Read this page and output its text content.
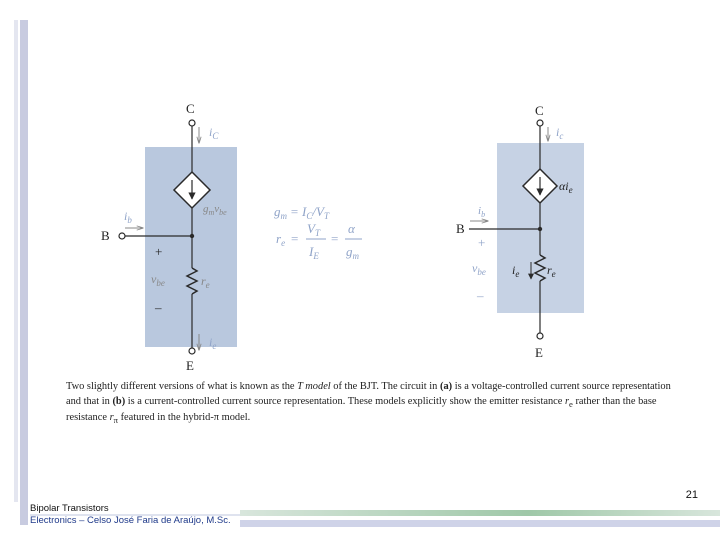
C
$i_C$
$g_mv_{be}$
B
$i_b$
$r_e$
+
$v_{be}$
–
$i_e$
E
$g_m = I_C/V_T$
$r_e$ =
$V_T$
$I_E$
=
α
$g_m$
C
$i_c$
$\alpha i_e$
B
$i_b$
+
$v_{be}$
–
$r_e$
$i_e$
E
Two slightly different versions of what is known as the T model of the BJT. The circuit in (a) is a voltage-controlled current source representation and that in (b) is a current-controlled current source representation. These models explicitly show the emitter resistance $r_e$ rather than the base resistance $r_\pi$ featured in the hybrid-π model.
21
Bipolar Transistors
Electronics – Celso José Faria de Araújo, M.Sc.
